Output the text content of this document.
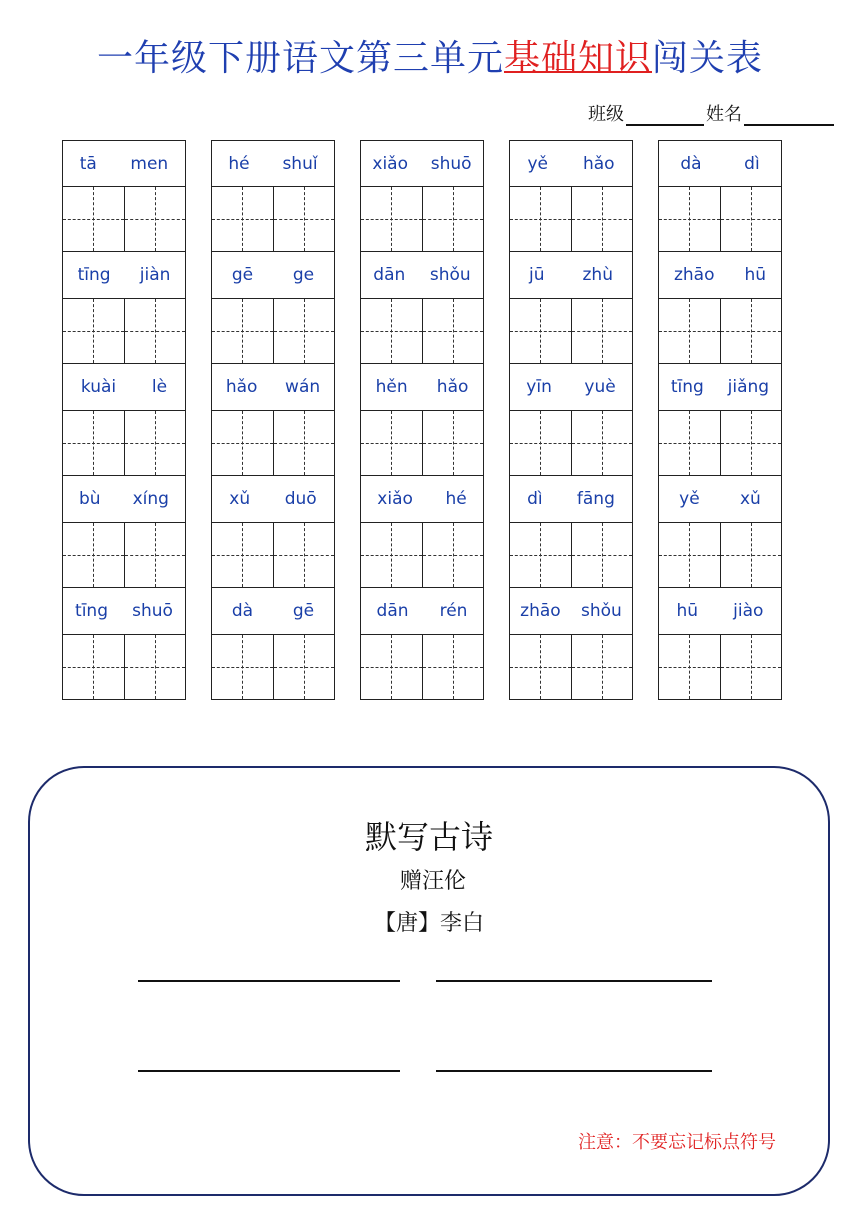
一年级下册语文第三单元基础知识闯关表
班级	姓名
tā men
tīng jiàn
kuài lè
bù xíng
tīng shuō
hé shuǐ
gē ge
hǎo wán
xǔ duō
dà gē
xiǎo shuō
dān shǒu
hěn hǎo
xiǎo hé
dān rén
yě hǎo
jū zhù
yīn yuè
dì fāng
zhāo shǒu
dà	dì
zhāo hū
tīng jiǎng
yě xǔ
hū jiào
默写古诗
赠汪伦
【唐】李白
注意：不要忘记标点符号
